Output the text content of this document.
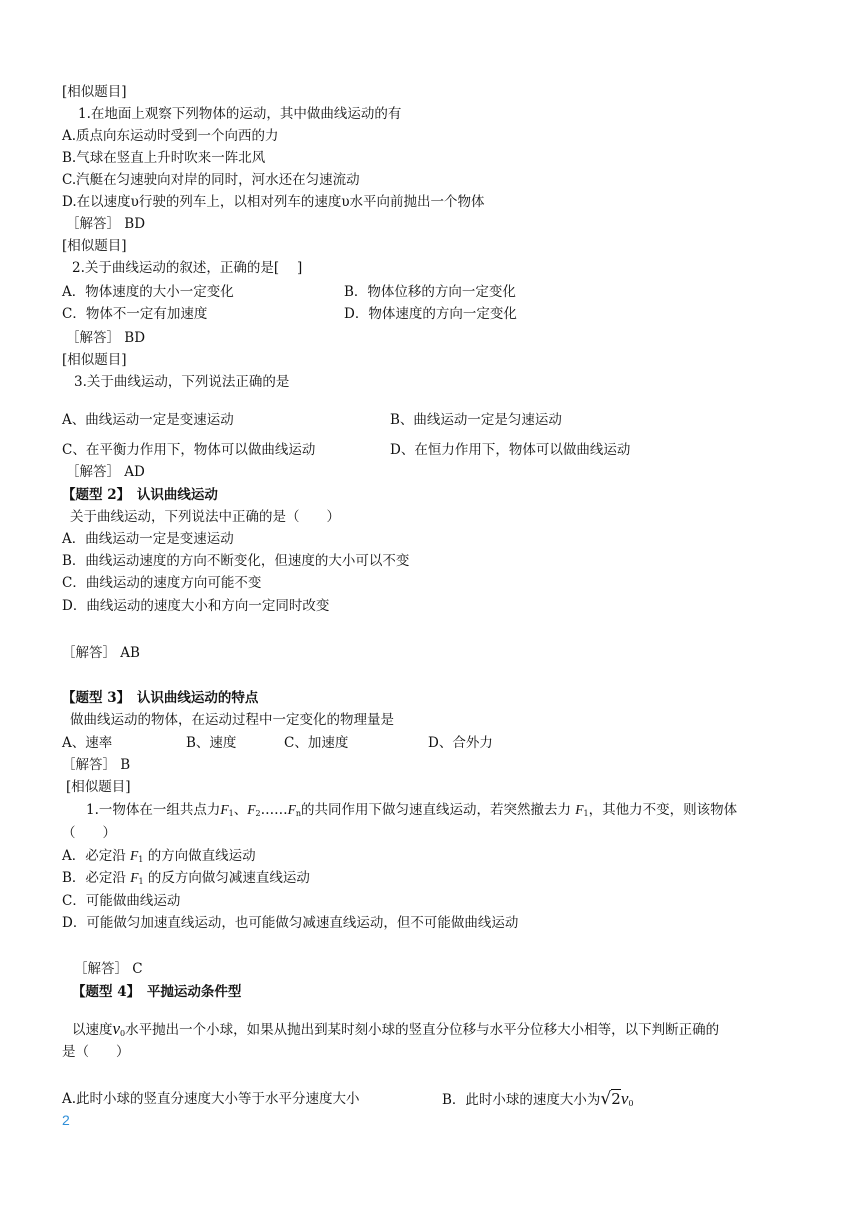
[相似题目]
1.在地面上观察下列物体的运动，其中做曲线运动的有
A.质点向东运动时受到一个向西的力
B.气球在竖直上升时吹来一阵北风
C.汽艇在匀速驶向对岸的同时，河水还在匀速流动
D.在以速度υ行驶的列车上，以相对列车的速度υ水平向前抛出一个物体
［解答］ BD
[相似题目]
2.关于曲线运动的叙述，正确的是[　 ]
A．物体速度的大小一定变化	B．物体位移的方向一定变化
C．物体不一定有加速度	D．物体速度的方向一定变化
［解答］ BD
[相似题目]
3.关于曲线运动，下列说法正确的是
A、曲线运动一定是变速运动	B、曲线运动一定是匀速运动
C、在平衡力作用下，物体可以做曲线运动	D、在恒力作用下，物体可以做曲线运动
［解答］ AD
【题型 2】　认识曲线运动
关于曲线运动，下列说法中正确的是（　　）
A．曲线运动一定是变速运动
B．曲线运动速度的方向不断变化，但速度的大小可以不变
C．曲线运动的速度方向可能不变
D．曲线运动的速度大小和方向一定同时改变
［解答］ AB
【题型 3】　认识曲线运动的特点
做曲线运动的物体，在运动过程中一定变化的物理量是
A、速率	B、速度	C、加速度	D、合外力
［解答］ B
[相似题目]
1.一物体在一组共点力$F_1$、$F_2\dots\dots F_n$的共同作用下做匀速直线运动，若突然撤去力 $F_1$，其他力不变，则该物体
（　　）
A．必定沿 $F_1$ 的方向做直线运动
B．必定沿 $F_1$ 的反方向做匀减速直线运动
C．可能做曲线运动
D．可能做匀加速直线运动，也可能做匀减速直线运动，但不可能做曲线运动
［解答］ C
【题型 4】　平抛运动条件型
以速度$v_0$水平抛出一个小球，如果从抛出到某时刻小球的竖直分位移与水平分位移大小相等，以下判断正确的
是（　　）
A.此时小球的竖直分速度大小等于水平分速度大小	B．此时小球的速度大小为$√2v_0$
2
